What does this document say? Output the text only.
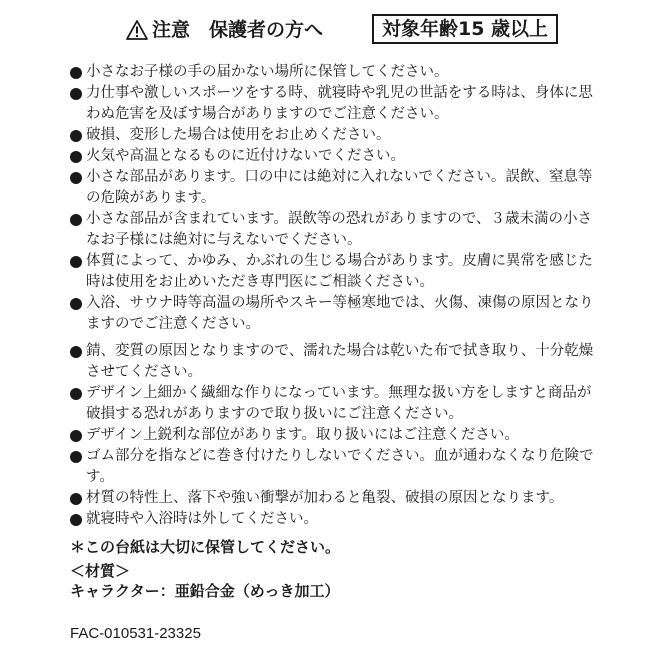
注意　保護者の方へ	対象年齢15 歳以上
小さなお子様の手の届かない場所に保管してください。
力仕事や激しいスポーツをする時、就寝時や乳児の世話をする時は、身体に思わぬ危害を及ぼす場合がありますのでご注意ください。
破損、変形した場合は使用をお止めください。
火気や高温となるものに近付けないでください。
小さな部品があります。口の中には絶対に入れないでください。誤飲、窒息等の危険があります。
小さな部品が含まれています。誤飲等の恐れがありますので、３歳未満の小さなお子様には絶対に与えないでください。
体質によって、かゆみ、かぶれの生じる場合があります。皮膚に異常を感じた時は使用をお止めいただき専門医にご相談ください。
入浴、サウナ時等高温の場所やスキー等極寒地では、火傷、凍傷の原因となりますのでご注意ください。
錆、変質の原因となりますので、濡れた場合は乾いた布で拭き取り、十分乾燥させてください。
デザイン上細かく繊細な作りになっています。無理な扱い方をしますと商品が破損する恐れがありますので取り扱いにご注意ください。
デザイン上鋭利な部位があります。取り扱いにはご注意ください。
ゴム部分を指などに巻き付けたりしないでください。血が通わなくなり危険です。
材質の特性上、落下や強い衝撃が加わると亀裂、破損の原因となります。
就寝時や入浴時は外してください。
＊この台紙は大切に保管してください。
＜材質＞
キャラクター：亜鉛合金（めっき加工）
FAC-010531-23325
